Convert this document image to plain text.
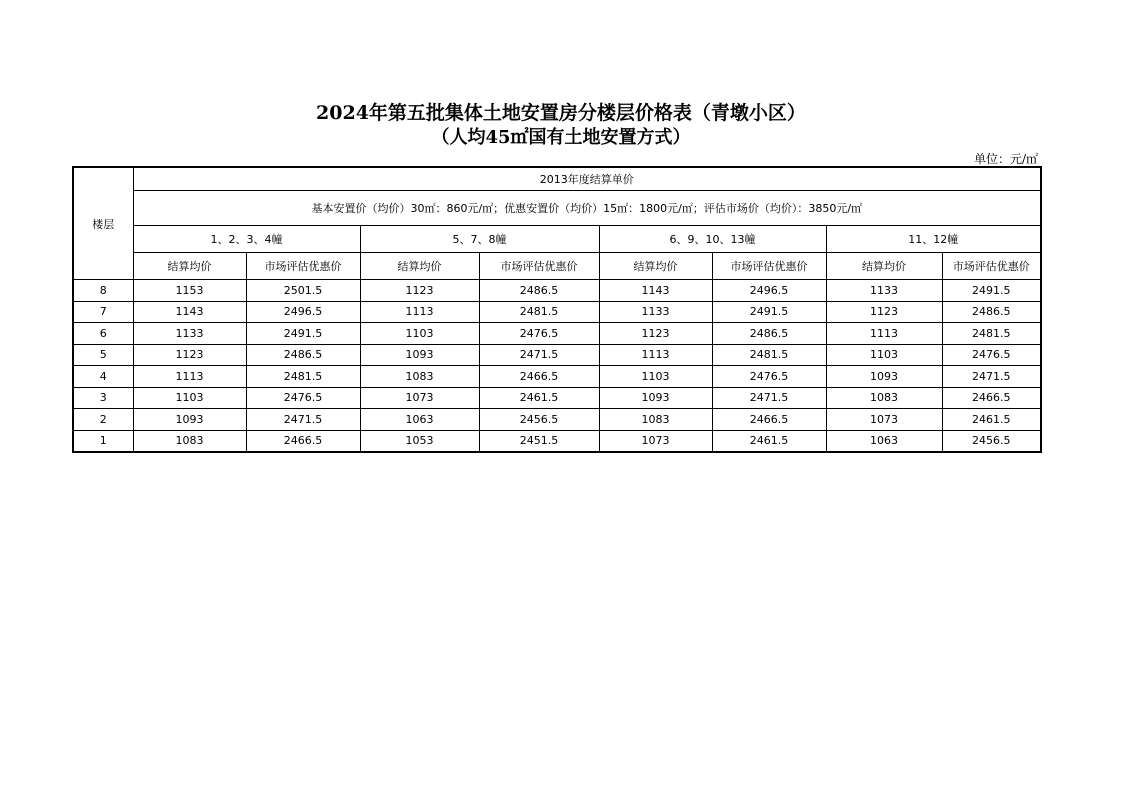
2024年第五批集体土地安置房分楼层价格表（青墩小区）
（人均45㎡国有土地安置方式）
单位：元/㎡
楼层	2013年度结算单价							
	基本安置价（均价）30㎡：860元/㎡；优惠安置价（均价）15㎡：1800元/㎡；评估市场价（均价）：3850元/㎡							
	1、2、3、4幢		5、7、8幢		6、9、10、13幢		11、12幢	
	结算均价	市场评估优惠价	结算均价	市场评估优惠价	结算均价	市场评估优惠价	结算均价	市场评估优惠价
8	1153	2501.5	1123	2486.5	1143	2496.5	1133	2491.5
7	1143	2496.5	1113	2481.5	1133	2491.5	1123	2486.5
6	1133	2491.5	1103	2476.5	1123	2486.5	1113	2481.5
5	1123	2486.5	1093	2471.5	1113	2481.5	1103	2476.5
4	1113	2481.5	1083	2466.5	1103	2476.5	1093	2471.5
3	1103	2476.5	1073	2461.5	1093	2471.5	1083	2466.5
2	1093	2471.5	1063	2456.5	1083	2466.5	1073	2461.5
1	1083	2466.5	1053	2451.5	1073	2461.5	1063	2456.5
